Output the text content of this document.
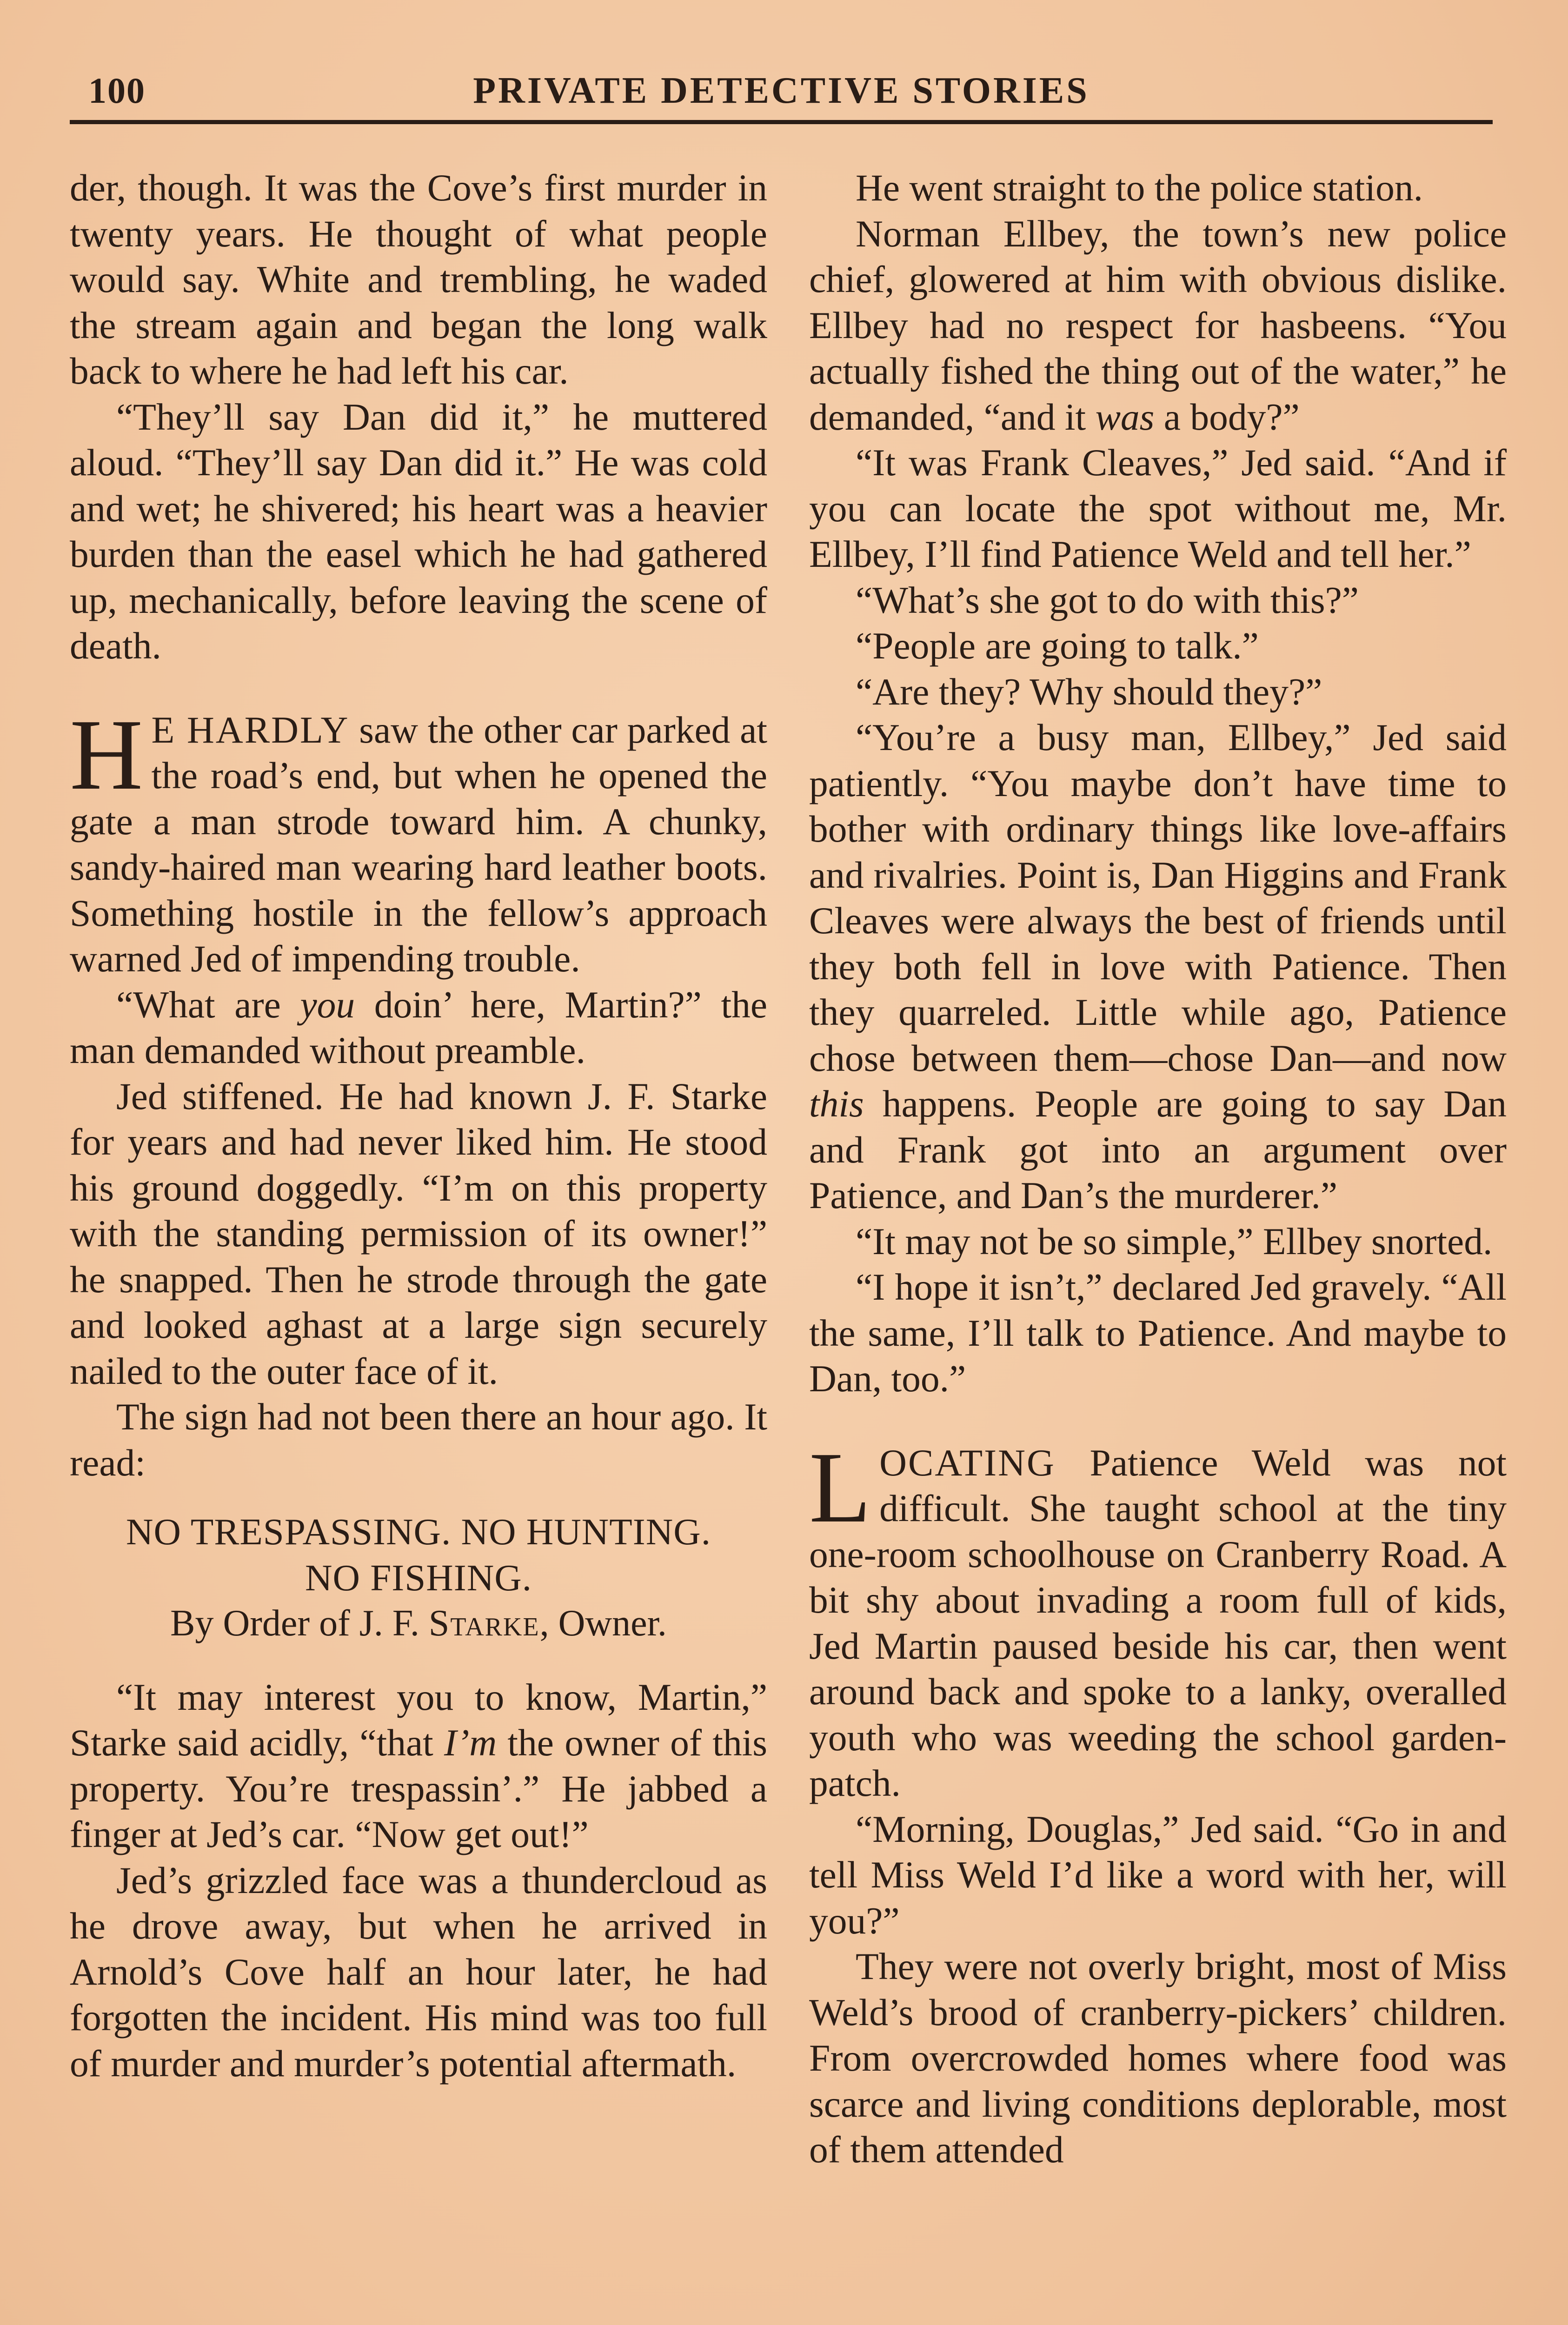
100	PRIVATE DETECTIVE STORIES

der, though. It was the Cove’s first murder in twenty years. He thought of what people would say. White and trembling, he waded the stream again and began the long walk back to where he had left his car.

“They’ll say Dan did it,” he muttered aloud. “They’ll say Dan did it.” He was cold and wet; he shivered; his heart was a heavier burden than the easel which he had gathered up, mechanically, before leaving the scene of death.

H E HARDLY saw the other car parked at the road’s end, but when he opened the gate a man strode toward him. A chunky, sandy-haired man wearing hard leather boots. Something hostile in the fellow’s approach warned Jed of impending trouble.

“What are you doin’ here, Martin?” the man demanded without preamble.

Jed stiffened. He had known J. F. Starke for years and had never liked him. He stood his ground doggedly. “I’m on this property with the standing permission of its owner!” he snapped. Then he strode through the gate and looked aghast at a large sign securely nailed to the outer face of it.

The sign had not been there an hour ago. It read:

NO TRESPASSING. NO HUNTING.
NO FISHING.
By Order of J. F. Starke, Owner.

“It may interest you to know, Martin,” Starke said acidly, “that I’m the owner of this property. You’re trespassin’.” He jabbed a finger at Jed’s car. “Now get out!”

Jed’s grizzled face was a thundercloud as he drove away, but when he arrived in Arnold’s Cove half an hour later, he had forgotten the incident. His mind was too full of murder and murder’s potential aftermath.

He went straight to the police station.

Norman Ellbey, the town’s new police chief, glowered at him with obvious dislike. Ellbey had no respect for hasbeens. “You actually fished the thing out of the water,” he demanded, “and it was a body?”

“It was Frank Cleaves,” Jed said. “And if you can locate the spot without me, Mr. Ellbey, I’ll find Patience Weld and tell her.”

“What’s she got to do with this?”

“People are going to talk.”

“Are they? Why should they?”

“You’re a busy man, Ellbey,” Jed said patiently. “You maybe don’t have time to bother with ordinary things like love-affairs and rivalries. Point is, Dan Higgins and Frank Cleaves were always the best of friends until they both fell in love with Patience. Then they quarreled. Little while ago, Patience chose between them—chose Dan—and now this happens. People are going to say Dan and Frank got into an argument over Patience, and Dan’s the murderer.”

“It may not be so simple,” Ellbey snorted.

“I hope it isn’t,” declared Jed gravely. “All the same, I’ll talk to Patience. And maybe to Dan, too.”

LOCATING Patience Weld was not difficult. She taught school at the tiny one-room schoolhouse on Cranberry Road. A bit shy about invading a room full of kids, Jed Martin paused beside his car, then went around back and spoke to a lanky, overalled youth who was weeding the school garden-patch.

“Morning, Douglas,” Jed said. “Go in and tell Miss Weld I’d like a word with her, will you?”

They were not overly bright, most of Miss Weld’s brood of cranberry-pickers’ children. From overcrowded homes where food was scarce and living conditions deplorable, most of them attended
